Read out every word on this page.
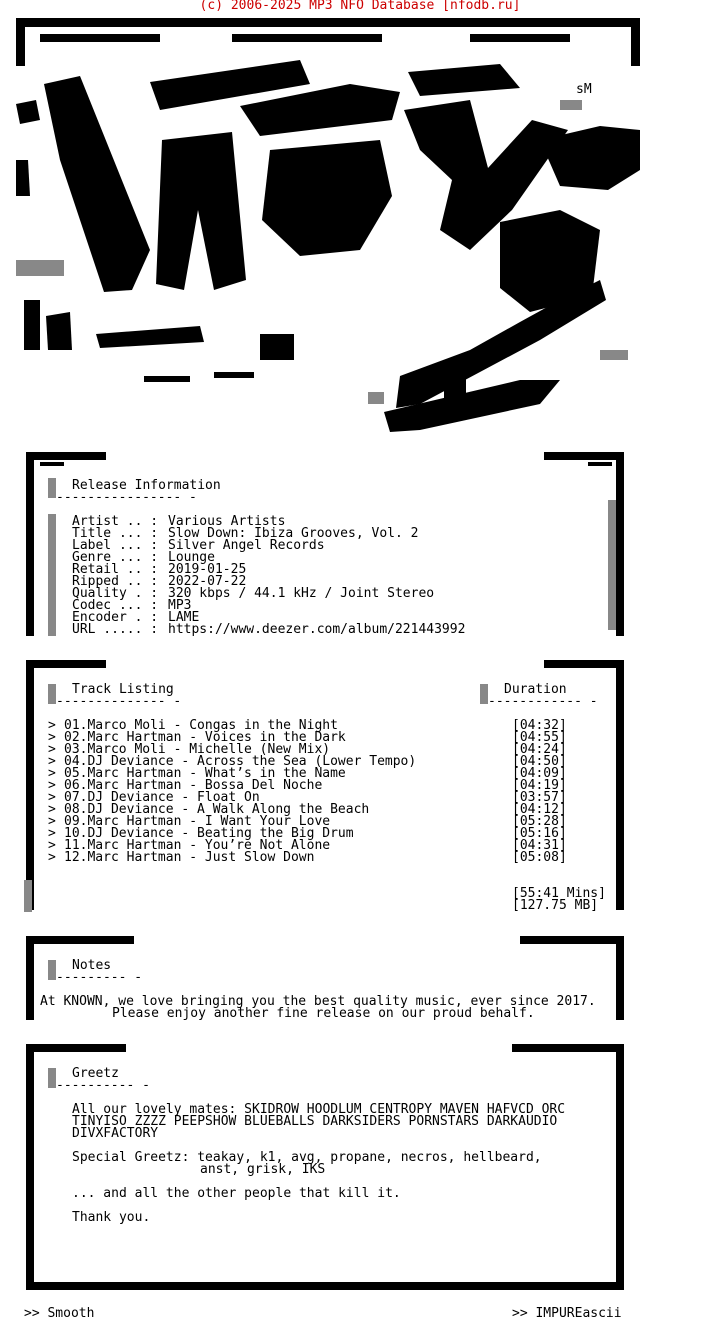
(c) 2006-2025 MP3 NFO Database [nfodb.ru]
sM
Release Information
---------------- -
Artist .. : Various Artists
Title ... : Slow Down: Ibiza Grooves, Vol. 2
Label ... : Silver Angel Records
Genre ... : Lounge
Retail .. : 2019-01-25
Ripped .. : 2022-07-22
Quality . : 320 kbps / 44.1 kHz / Joint Stereo
Codec ... : MP3
Encoder . : LAME
URL ..... : https://www.deezer.com/album/221443992
Track Listing
-------------- -
Duration
------------ -
> 01.Marco Moli - Congas in the Night	[04:32]
> 02.Marc Hartman - Voices in the Dark	[04:55]
> 03.Marco Moli - Michelle (New Mix)	[04:24]
> 04.DJ Deviance - Across the Sea (Lower Tempo)	[04:50]
> 05.Marc Hartman - What’s in the Name	[04:09]
> 06.Marc Hartman - Bossa Del Noche	[04:19]
> 07.DJ Deviance - Float On	[03:57]
> 08.DJ Deviance - A Walk Along the Beach	[04:12]
> 09.Marc Hartman - I Want Your Love	[05:28]
> 10.DJ Deviance - Beating the Big Drum	[05:16]
> 11.Marc Hartman - You’re Not Alone	[04:31]
> 12.Marc Hartman - Just Slow Down	[05:08]
[55:41 Mins]
[127.75 MB]
Notes
--------- -
At KNOWN, we love bringing you the best quality music, ever since 2017.
Please enjoy another fine release on our proud behalf.
Greetz
---------- -
All our lovely mates: SKIDROW HOODLUM CENTROPY MAVEN HAFVCD ORC
TINYISO ZZZZ PEEPSHOW BLUEBALLS DARKSIDERS PORNSTARS DARKAUDIO
DIVXFACTORY
Special Greetz: teakay, k1, avg, propane, necros, hellbeard,
anst, grisk, IKS
... and all the other people that kill it.
Thank you.
>> Smooth	>> IMPUREascii
